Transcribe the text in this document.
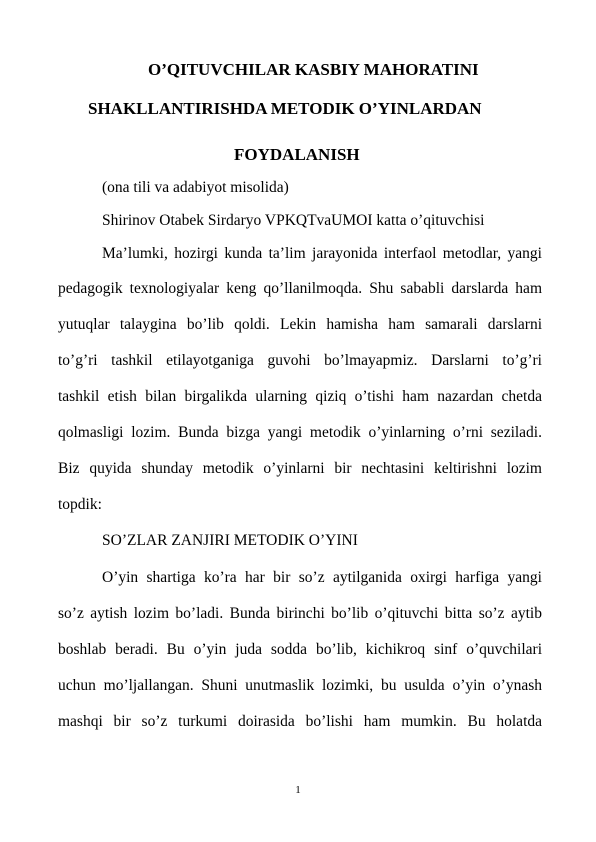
O’QITUVCHILAR KASBIY MAHORATINI
SHAKLLANTIRISHDA METODIK O’YINLARDAN
FOYDALANISH
(ona tili va adabiyot misolida)
Shirinov Otabek Sirdaryo VPKQTvaUMOI katta o’qituvchisi
Ma’lumki, hozirgi kunda ta’lim jarayonida interfaol metodlar, yangi
pedagogik texnologiyalar keng qo’llanilmoqda. Shu sababli darslarda ham
yutuqlar talaygina bo’lib qoldi. Lekin hamisha ham samarali darslarni
to’g’ri tashkil etilayotganiga guvohi bo’lmayapmiz. Darslarni to’g’ri
tashkil etish bilan birgalikda ularning qiziq o’tishi ham nazardan chetda
qolmasligi lozim. Bunda bizga yangi metodik o’yinlarning o’rni seziladi.
Biz quyida shunday metodik o’yinlarni bir nechtasini keltirishni lozim
topdik:
SO’ZLAR ZANJIRI METODIK O’YINI
O’yin shartiga ko’ra har bir so’z aytilganida oxirgi harfiga yangi
so’z aytish lozim bo’ladi. Bunda birinchi bo’lib o’qituvchi bitta so’z aytib
boshlab beradi. Bu o’yin juda sodda bo’lib, kichikroq sinf o’quvchilari
uchun mo’ljallangan. Shuni unutmaslik lozimki, bu usulda o’yin o’ynash
mashqi bir so’z turkumi doirasida bo’lishi ham mumkin. Bu holatda
1
